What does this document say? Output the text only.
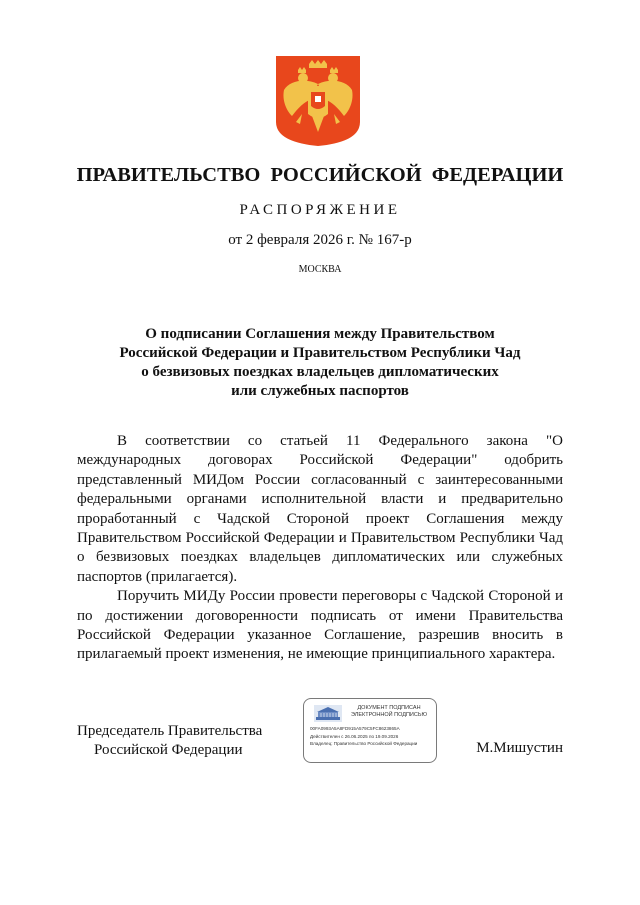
ПРАВИТЕЛЬСТВО РОССИЙСКОЙ ФЕДЕРАЦИИ
РАСПОРЯЖЕНИЕ
от 2 февраля 2026 г. № 167-р
МОСКВА
О подписании Соглашения между Правительством
Российской Федерации и Правительством Республики Чад
о безвизовых поездках владельцев дипломатических
или служебных паспортов

В соответствии со статьей 11 Федерального закона "О международных договорах Российской Федерации" одобрить представленный МИДом России согласованный с заинтересованными федеральными органами исполнительной власти и предварительно проработанный с Чадской Стороной проект Соглашения между Правительством Российской Федерации и Правительством Республики Чад о безвизовых поездках владельцев дипломатических или служебных паспортов (прилагается).

Поручить МИДу России провести переговоры с Чадской Стороной и по достижении договоренности подписать от имени Правительства Российской Федерации указанное Соглашение, разрешив вносить в прилагаемый проект изменения, не имеющие принципиального характера.

Председатель Правительства
Российской Федерации
ДОКУМЕНТ ПОДПИСАН
ЭЛЕКТРОННОЙ ПОДПИСЬЮ
00FA0993A5A8FD915A579C5FC8623865A
Действителен с 26.06.2025 по 19.09.2026
Владелец: Правительство Российской Федерации	М.Мишустин
